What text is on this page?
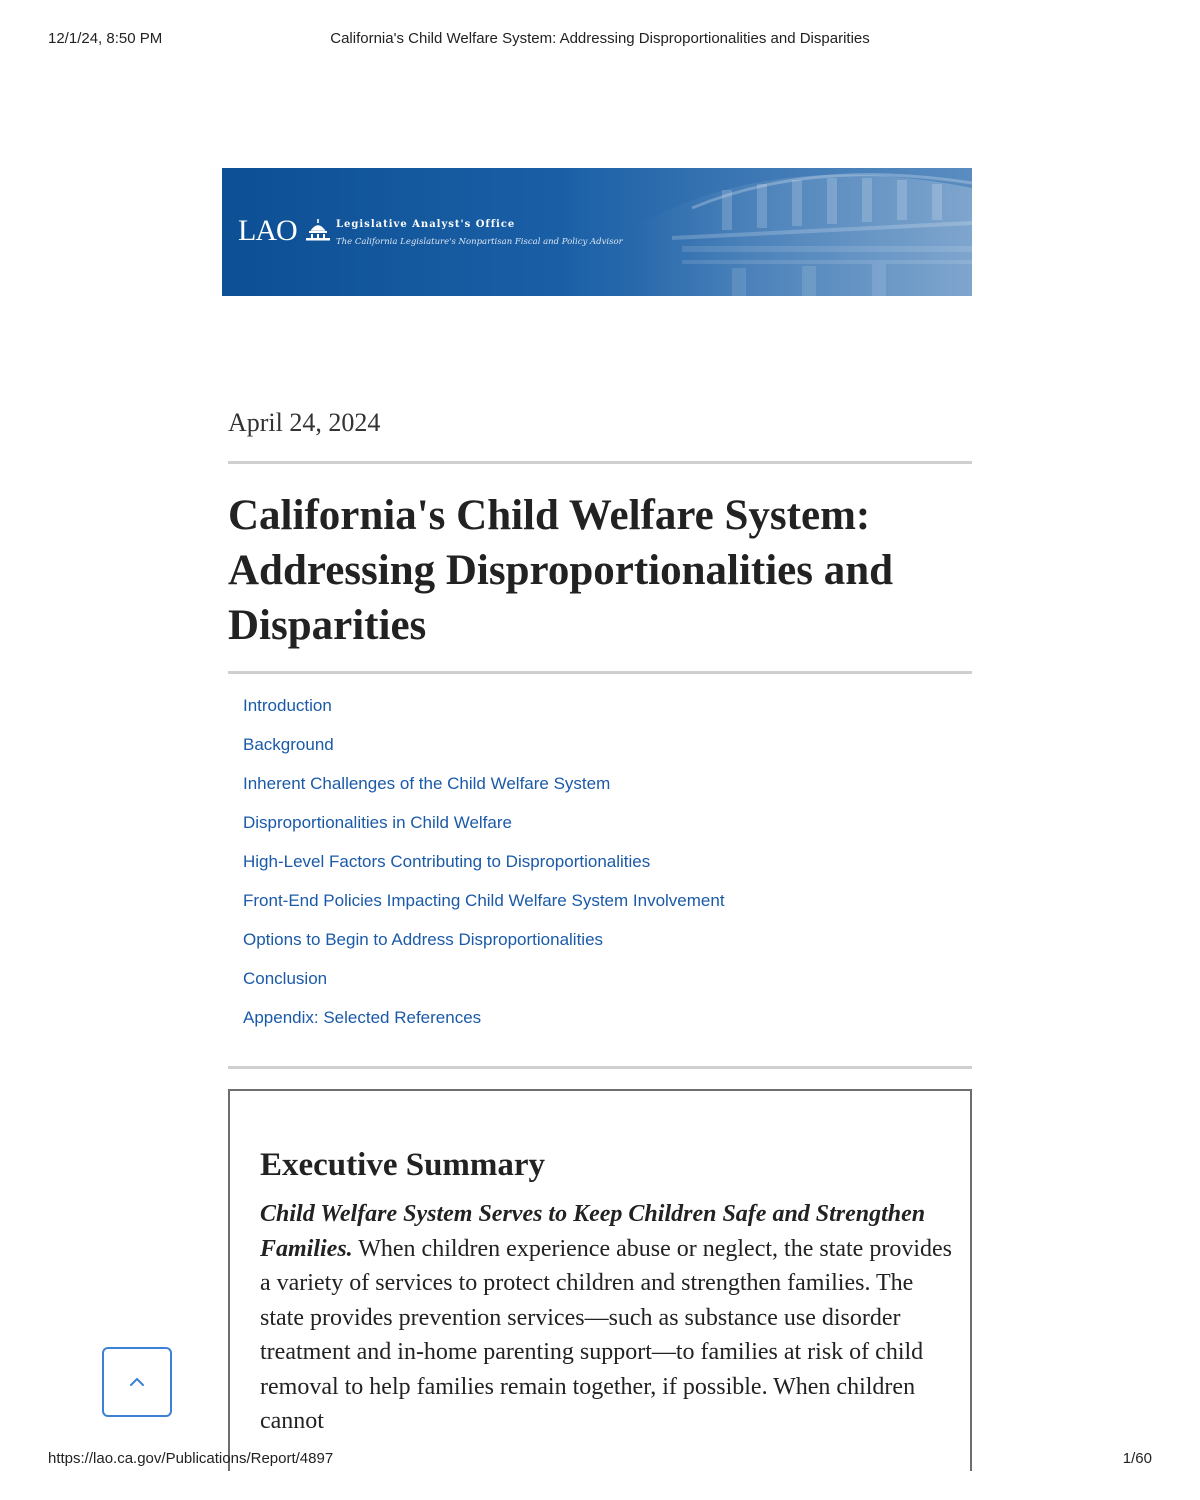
12/1/24, 8:50 PM	California's Child Welfare System: Addressing Disproportionalities and Disparities
LAO	Legislative Analyst's Office
The California Legislature's Nonpartisan Fiscal and Policy Advisor
April 24, 2024
California's Child Welfare System: Addressing Disproportionalities and Disparities
Introduction
Background
Inherent Challenges of the Child Welfare System
Disproportionalities in Child Welfare
High-Level Factors Contributing to Disproportionalities
Front-End Policies Impacting Child Welfare System Involvement
Options to Begin to Address Disproportionalities
Conclusion
Appendix: Selected References
Executive Summary

Child Welfare System Serves to Keep Children Safe and Strengthen Families. When children experience abuse or neglect, the state provides a variety of services to protect children and strengthen families. The state provides prevention services—such as substance use disorder treatment and in-home parenting support—to families at risk of child removal to help families remain together, if possible. When children cannot

https://lao.ca.gov/Publications/Report/4897	1/60
